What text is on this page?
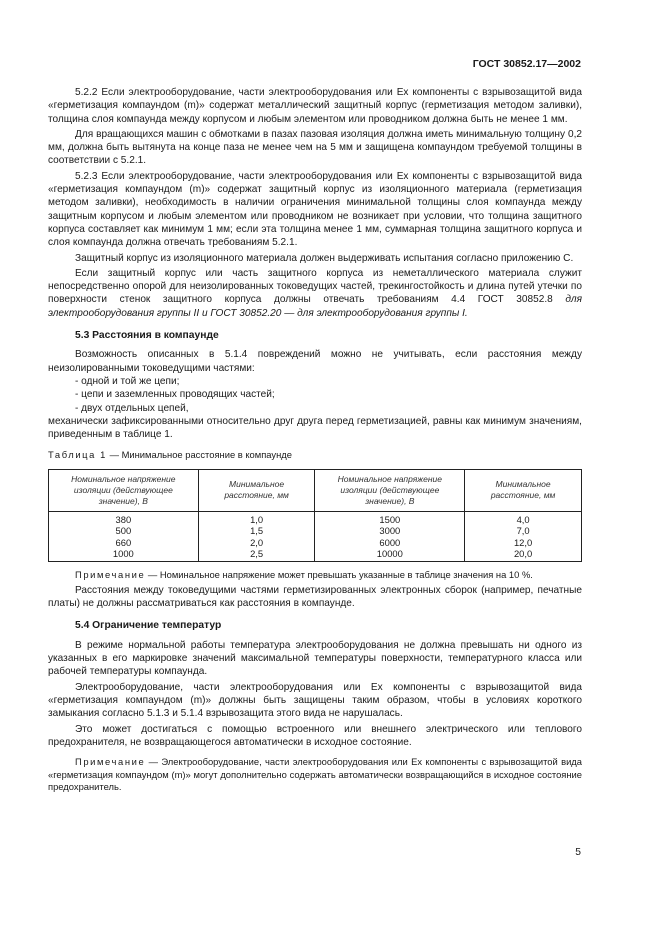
ГОСТ 30852.17—2002

5.2.2 Если электрооборудование, части электрооборудования или Ex компоненты с взрывозащитой вида «герметизация компаундом (m)» содержат металлический защитный корпус (герметизация методом заливки), толщина слоя компаунда между корпусом и любым элементом или проводником должна быть не менее 1 мм.

Для вращающихся машин с обмотками в пазах пазовая изоляция должна иметь минимальную толщину 0,2 мм, должна быть вытянута на конце паза не менее чем на 5 мм и защищена компаундом требуемой толщины в соответствии с 5.2.1.

5.2.3 Если электрооборудование, части электрооборудования или Ex компоненты с взрывозащитой вида «герметизация компаундом (m)» содержат защитный корпус из изоляционного материала (герметизация методом заливки), необходимость в наличии ограничения минимальной толщины слоя компаунда между защитным корпусом и любым элементом или проводником не возникает при условии, что толщина защитного корпуса составляет как минимум 1 мм; если эта толщина менее 1 мм, суммарная толщина защитного корпуса и слоя компаунда должна отвечать требованиям 5.2.1.

Защитный корпус из изоляционного материала должен выдерживать испытания согласно приложению С.

Если защитный корпус или часть защитного корпуса из неметаллического материала служит непосредственно опорой для неизолированных токоведущих частей, трекингостойкость и длина путей утечки по поверхности стенок защитного корпуса должны отвечать требованиям 4.4 ГОСТ 30852.8 для электрооборудования группы II и ГОСТ 30852.20 — для электрооборудования группы I.

5.3 Расстояния в компаунде

Возможность описанных в 5.1.4 повреждений можно не учитывать, если расстояния между неизолированными токоведущими частями:

- одной и той же цепи;
- цепи и заземленных проводящих частей;
- двух отдельных цепей,

механически зафиксированными относительно друг друга перед герметизацией, равны как минимум значениям, приведенным в таблице 1.

Таблица 1 — Минимальное расстояние в компаунде
Номинальное напряжение изоляции (действующее значение), В	Минимальное расстояние, мм	Номинальное напряжение изоляции (действующее значение), В	Минимальное расстояние, мм
380	1,0	1500	4,0
500	1,5	3000	7,0
660	2,0	6000	12,0
1000	2,5	10000	20,0

Примечание — Номинальное напряжение может превышать указанные в таблице значения на 10 %.

Расстояния между токоведущими частями герметизированных электронных сборок (например, печатные платы) не должны рассматриваться как расстояния в компаунде.

5.4 Ограничение температур

В режиме нормальной работы температура электрооборудования не должна превышать ни одного из указанных в его маркировке значений максимальной температуры поверхности, температурного класса или рабочей температуры компаунда.

Электрооборудование, части электрооборудования или Ex компоненты с взрывозащитой вида «герметизация компаундом (m)» должны быть защищены таким образом, чтобы в условиях короткого замыкания согласно 5.1.3 и 5.1.4 взрывозащита этого вида не нарушалась.

Это может достигаться с помощью встроенного или внешнего электрического или теплового предохранителя, не возвращающегося автоматически в исходное состояние.

Примечание — Электрооборудование, части электрооборудования или Ex компоненты с взрывозащитой вида «герметизация компаундом (m)» могут дополнительно содержать автоматически возвращающийся в исходное состояние предохранитель.

5
